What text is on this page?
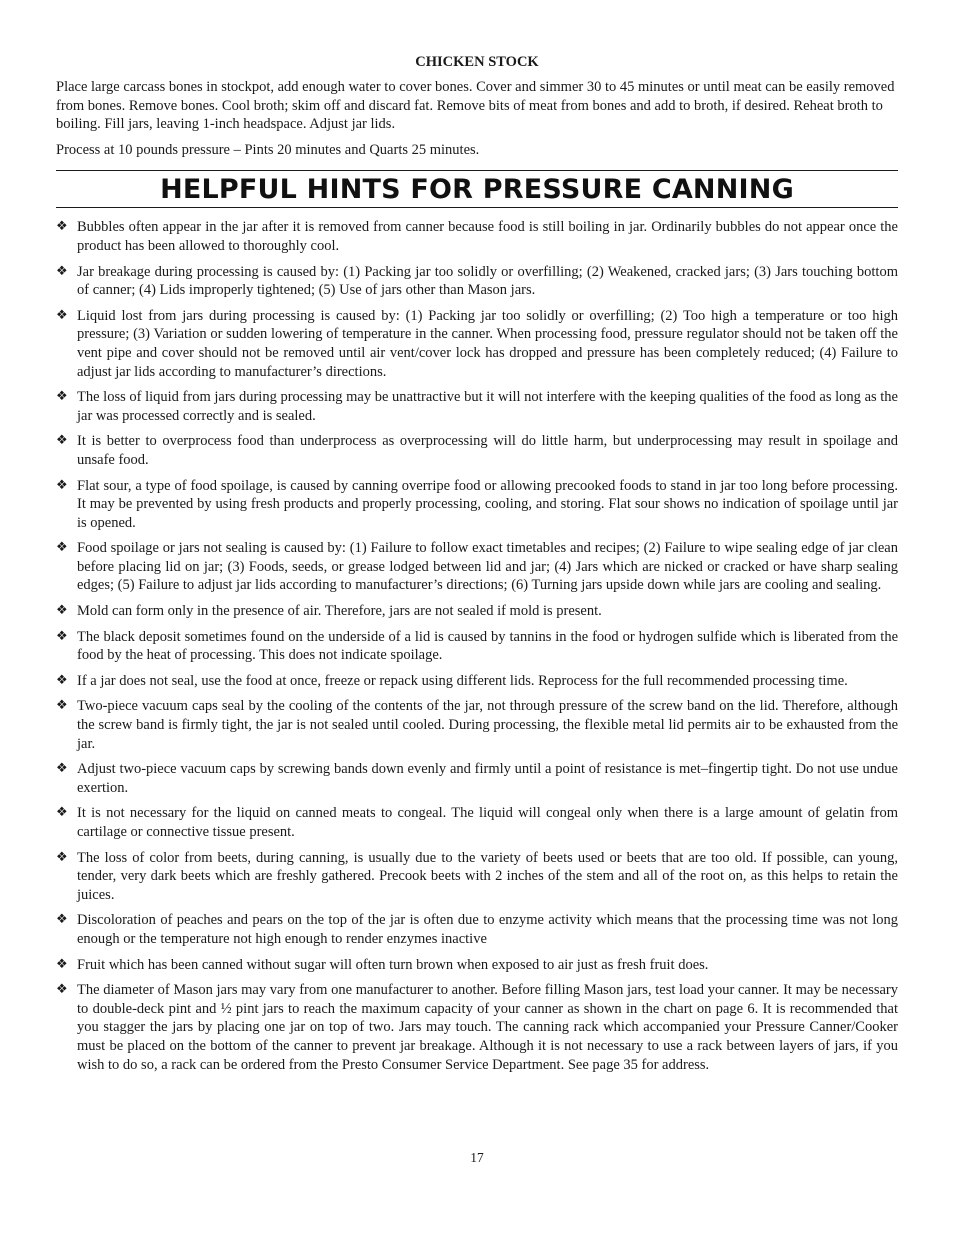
CHICKEN STOCK

Place large carcass bones in stockpot, add enough water to cover bones. Cover and simmer 30 to 45 minutes or until meat can be easily removed from bones. Remove bones. Cool broth; skim off and discard fat. Remove bits of meat from bones and add to broth, if desired. Reheat broth to boiling. Fill jars, leaving 1-inch headspace. Adjust jar lids.

Process at 10 pounds pressure – Pints 20 minutes and Quarts 25 minutes.

HELPFUL HINTS FOR PRESSURE CANNING
❖ Bubbles often appear in the jar after it is removed from canner because food is still boiling in jar. Ordinarily bubbles do not appear once the product has been allowed to thoroughly cool.
❖ Jar breakage during processing is caused by: (1) Packing jar too solidly or overfilling; (2) Weakened, cracked jars; (3) Jars touching bottom of canner; (4) Lids improperly tightened; (5) Use of jars other than Mason jars.
❖ Liquid lost from jars during processing is caused by: (1) Packing jar too solidly or overfilling; (2) Too high a temperature or too high pressure; (3) Variation or sudden lowering of temperature in the canner. When processing food, pressure regulator should not be taken off the vent pipe and cover should not be removed until air vent/cover lock has dropped and pressure has been completely reduced; (4) Failure to adjust jar lids according to manufacturer’s directions.
❖ The loss of liquid from jars during processing may be unattractive but it will not interfere with the keeping qualities of the food as long as the jar was processed correctly and is sealed.
❖ It is better to overprocess food than underprocess as overprocessing will do little harm, but underprocessing may result in spoilage and unsafe food.
❖ Flat sour, a type of food spoilage, is caused by canning overripe food or allowing precooked foods to stand in jar too long before processing. It may be prevented by using fresh products and properly processing, cooling, and storing. Flat sour shows no indication of spoilage until jar is opened.
❖ Food spoilage or jars not sealing is caused by: (1) Failure to follow exact timetables and recipes; (2) Failure to wipe sealing edge of jar clean before placing lid on jar; (3) Foods, seeds, or grease lodged between lid and jar; (4) Jars which are nicked or cracked or have sharp sealing edges; (5) Failure to adjust jar lids according to manufacturer’s directions; (6) Turning jars upside down while jars are cooling and sealing.
❖ Mold can form only in the presence of air. Therefore, jars are not sealed if mold is present.
❖ The black deposit sometimes found on the underside of a lid is caused by tannins in the food or hydrogen sulfide which is liberated from the food by the heat of processing. This does not indicate spoilage.
❖ If a jar does not seal, use the food at once, freeze or repack using different lids. Reprocess for the full recommended processing time.
❖ Two-piece vacuum caps seal by the cooling of the contents of the jar, not through pressure of the screw band on the lid. Therefore, although the screw band is firmly tight, the jar is not sealed until cooled. During processing, the flexible metal lid permits air to be exhausted from the jar.
❖ Adjust two-piece vacuum caps by screwing bands down evenly and firmly until a point of resistance is met–fingertip tight. Do not use undue exertion.
❖ It is not necessary for the liquid on canned meats to congeal. The liquid will congeal only when there is a large amount of gelatin from cartilage or connective tissue present.
❖ The loss of color from beets, during canning, is usually due to the variety of beets used or beets that are too old. If possible, can young, tender, very dark beets which are freshly gathered. Precook beets with 2 inches of the stem and all of the root on, as this helps to retain the juices.
❖ Discoloration of peaches and pears on the top of the jar is often due to enzyme activity which means that the processing time was not long enough or the temperature not high enough to render enzymes inactive
❖ Fruit which has been canned without sugar will often turn brown when exposed to air just as fresh fruit does.
❖ The diameter of Mason jars may vary from one manufacturer to another. Before filling Mason jars, test load your canner. It may be necessary to double-deck pint and ½ pint jars to reach the maximum capacity of your canner as shown in the chart on page 6. It is recommended that you stagger the jars by placing one jar on top of two. Jars may touch. The canning rack which accompanied your Pressure Canner/Cooker must be placed on the bottom of the canner to prevent jar breakage. Although it is not necessary to use a rack between layers of jars, if you wish to do so, a rack can be ordered from the Presto Consumer Service Department. See page 35 for address.
17
